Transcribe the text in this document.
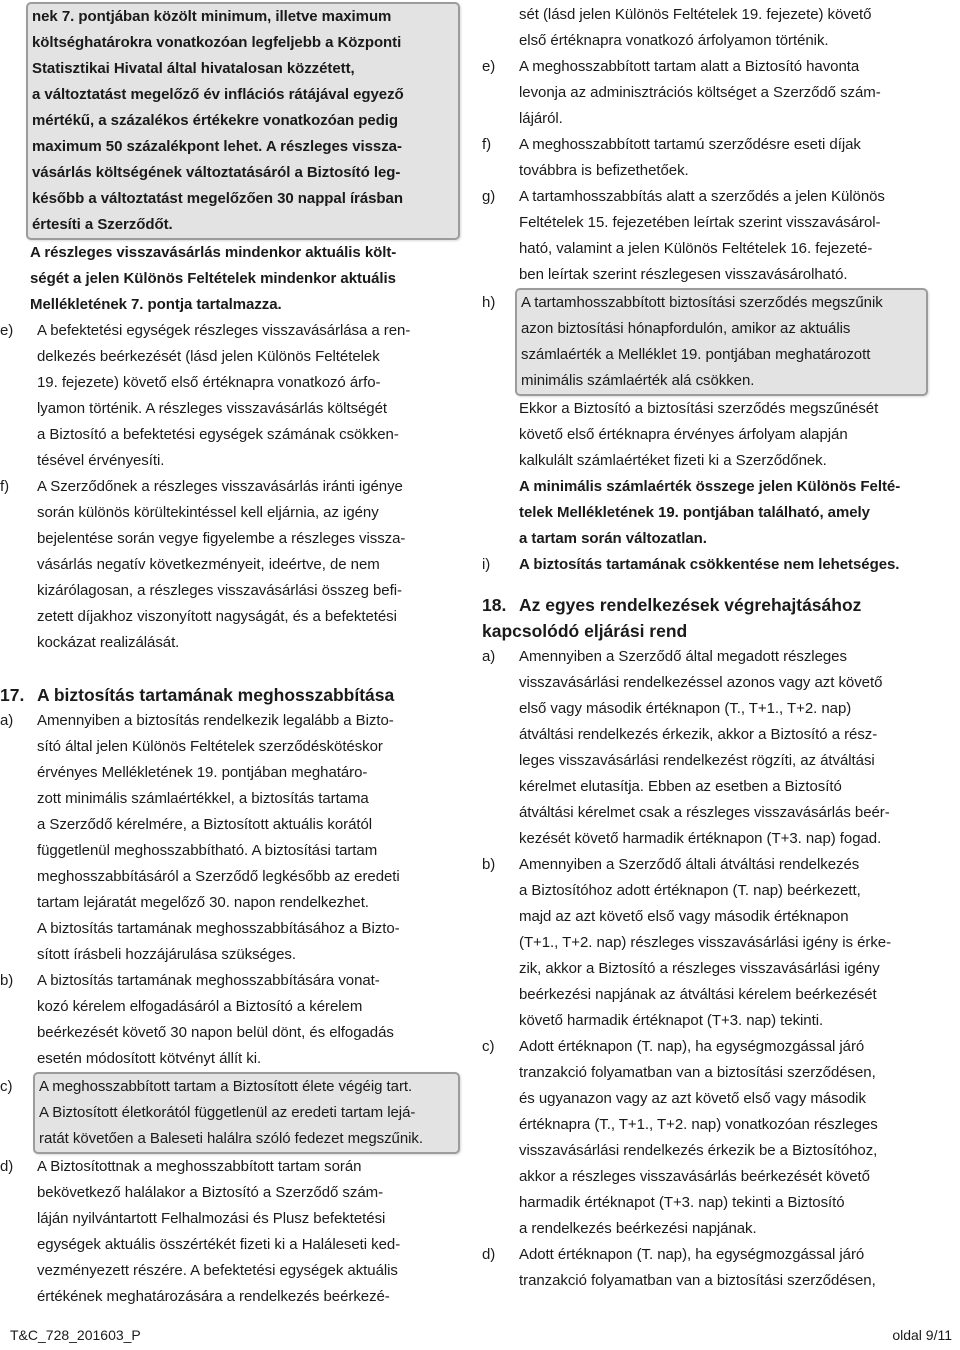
nek 7. pontjában közölt minimum, illetve maximum
költséghatárokra vonatkozóan legfeljebb a Központi
Statisztikai Hivatal által hivatalosan közzétett,
a változtatást megelőző év inflációs rátájával egyező
mértékű, a százalékos értékekre vonatkozóan pedig
maximum 50 százalékpont lehet. A részleges vissza-
vásárlás költségének változtatásáról a Biztosító leg-
később a változtatást megelőzően 30 nappal írásban
értesíti a Szerződőt.
A részleges visszavásárlás mindenkor aktuális költ-
ségét a jelen Különös Feltételek mindenkor aktuális
Mellékletének 7. pontja tartalmazza.
e) A befektetési egységek részleges visszavásárlása a ren-
delkezés beérkezését (lásd jelen Különös Feltételek
19. fejezete) követő első értéknapra vonatkozó árfo-
lyamon történik. A részleges visszavásárlás költségét
a Biztosító a befektetési egységek számának csökken-
tésével érvényesíti.
f) A Szerződőnek a részleges visszavásárlás iránti igénye
során különös körültekintéssel kell eljárnia, az igény
bejelentése során vegye figyelembe a részleges vissza-
vásárlás negatív következményeit, ideértve, de nem
kizárólagosan, a részleges visszavásárlási összeg befi-
zetett díjakhoz viszonyított nagyságát, és a befektetési
kockázat realizálását.
17. A biztosítás tartamának meghosszabbítása
a) Amennyiben a biztosítás rendelkezik legalább a Bizto-
sító által jelen Különös Feltételek szerződéskötéskor
érvényes Mellékletének 19. pontjában meghatáro-
zott minimális számlaértékkel, a biztosítás tartama
a Szerződő kérelmére, a Biztosított aktuális korától
függetlenül meghosszabbítható. A biztosítási tartam
meghosszabbításáról a Szerződő legkésőbb az eredeti
tartam lejáratát megelőző 30. napon rendelkezhet.
A biztosítás tartamának meghosszabbításához a Bizto-
sított írásbeli hozzájárulása szükséges.
b) A biztosítás tartamának meghosszabbítására vonat-
kozó kérelem elfogadásáról a Biztosító a kérelem
beérkezését követő 30 napon belül dönt, és elfogadás
esetén módosított kötvényt állít ki.
c) A meghosszabbított tartam a Biztosított élete végéig tart.
A Biztosított életkorától függetlenül az eredeti tartam lejá-
ratát követően a Baleseti halálra szóló fedezet megszűnik.
d) A Biztosítottnak a meghosszabbított tartam során
bekövetkező halálakor a Biztosító a Szerződő szám-
láján nyilvántartott Felhalmozási és Plusz befektetési
egységek aktuális összértékét fizeti ki a Haláleseti ked-
vezményezett részére. A befektetési egységek aktuális
értékének meghatározására a rendelkezés beérkezé-
sét (lásd jelen Különös Feltételek 19. fejezete) követő
első értéknapra vonatkozó árfolyamon történik.
e) A meghosszabbított tartam alatt a Biztosító havonta
levonja az adminisztrációs költséget a Szerződő szám-
lájáról.
f) A meghosszabbított tartamú szerződésre eseti díjak
továbbra is befizethetőek.
g) A tartamhosszabbítás alatt a szerződés a jelen Különös
Feltételek 15. fejezetében leírtak szerint visszavásárol-
ható, valamint a jelen Különös Feltételek 16. fejezeté-
ben leírtak szerint részlegesen visszavásárolható.
h) A tartamhosszabbított biztosítási szerződés megszűnik
azon biztosítási hónapfordulón, amikor az aktuális
számlaérték a Melléklet 19. pontjában meghatározott
minimális számlaérték alá csökken.
Ekkor a Biztosító a biztosítási szerződés megszűnését
követő első értéknapra érvényes árfolyam alapján
kalkulált számlaértéket fizeti ki a Szerződőnek.
A minimális számlaérték összege jelen Különös Felté-
telek Mellékletének 19. pontjában található, amely
a tartam során változatlan.
i) A biztosítás tartamának csökkentése nem lehetséges.
18. Az egyes rendelkezések végrehajtásához
kapcsolódó eljárási rend
a) Amennyiben a Szerződő által megadott részleges
visszavásárlási rendelkezéssel azonos vagy azt követő
első vagy második értéknapon (T., T+1., T+2. nap)
átváltási rendelkezés érkezik, akkor a Biztosító a rész-
leges visszavásárlási rendelkezést rögzíti, az átváltási
kérelmet elutasítja. Ebben az esetben a Biztosító
átváltási kérelmet csak a részleges visszavásárlás beér-
kezését követő harmadik értéknapon (T+3. nap) fogad.
b) Amennyiben a Szerződő általi átváltási rendelkezés
a Biztosítóhoz adott értéknapon (T. nap) beérkezett,
majd az azt követő első vagy második értéknapon
(T+1., T+2. nap) részleges visszavásárlási igény is érke-
zik, akkor a Biztosító a részleges visszavásárlási igény
beérkezési napjának az átváltási kérelem beérkezését
követő harmadik értéknapot (T+3. nap) tekinti.
c) Adott értéknapon (T. nap), ha egységmozgással járó
tranzakció folyamatban van a biztosítási szerződésen,
és ugyanazon vagy az azt követő első vagy második
értéknapra (T., T+1., T+2. nap) vonatkozóan részleges
visszavásárlási rendelkezés érkezik be a Biztosítóhoz,
akkor a részleges visszavásárlás beérkezését követő
harmadik értéknapot (T+3. nap) tekinti a Biztosító
a rendelkezés beérkezési napjának.
d) Adott értéknapon (T. nap), ha egységmozgással járó
tranzakció folyamatban van a biztosítási szerződésen,
T&C_728_201603_P	oldal 9/11
